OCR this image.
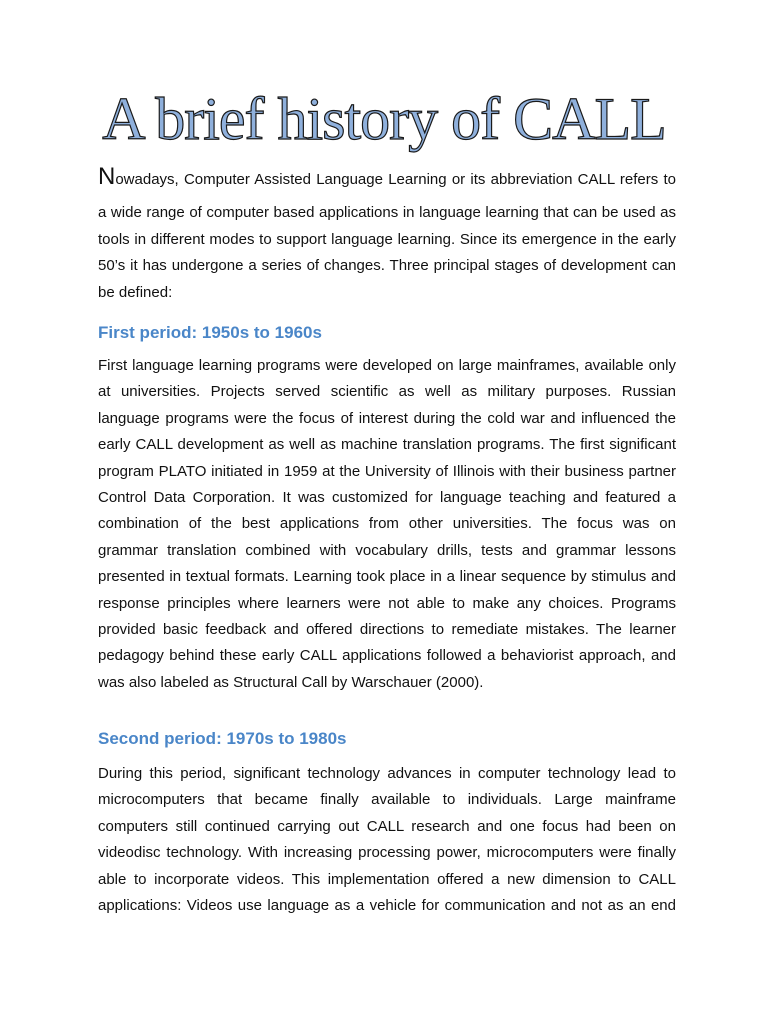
A brief history of CALL
Nowadays, Computer Assisted Language Learning or its abbreviation CALL refers to
a wide range of computer based applications in language learning that can be used as
tools in different modes to support language learning. Since its emergence in the early
50’s it has undergone a series of changes. Three principal stages of development can
be defined:
First period: 1950s to 1960s
First language learning programs were developed on large mainframes, available only
at universities. Projects served scientific as well as military purposes. Russian
language programs were the focus of interest during the cold war and influenced the
early CALL development as well as machine translation programs. The first significant
program PLATO initiated in 1959 at the University of Illinois with their business partner
Control Data Corporation. It was customized for language teaching and featured a
combination of the best applications from other universities. The focus was on
grammar translation combined with vocabulary drills, tests and grammar lessons
presented in textual formats. Learning took place in a linear sequence by stimulus and
response principles where learners were not able to make any choices. Programs
provided basic feedback and offered directions to remediate mistakes. The learner
pedagogy behind these early CALL applications followed a behaviorist approach, and
was also labeled as Structural Call by Warschauer (2000).
Second period: 1970s to 1980s
During this period, significant technology advances in computer technology lead to
microcomputers that became finally available to individuals. Large mainframe
computers still continued carrying out CALL research and one focus had been on
videodisc technology. With increasing processing power, microcomputers were finally
able to incorporate videos. This implementation offered a new dimension to CALL
applications: Videos use language as a vehicle for communication and not as an end
